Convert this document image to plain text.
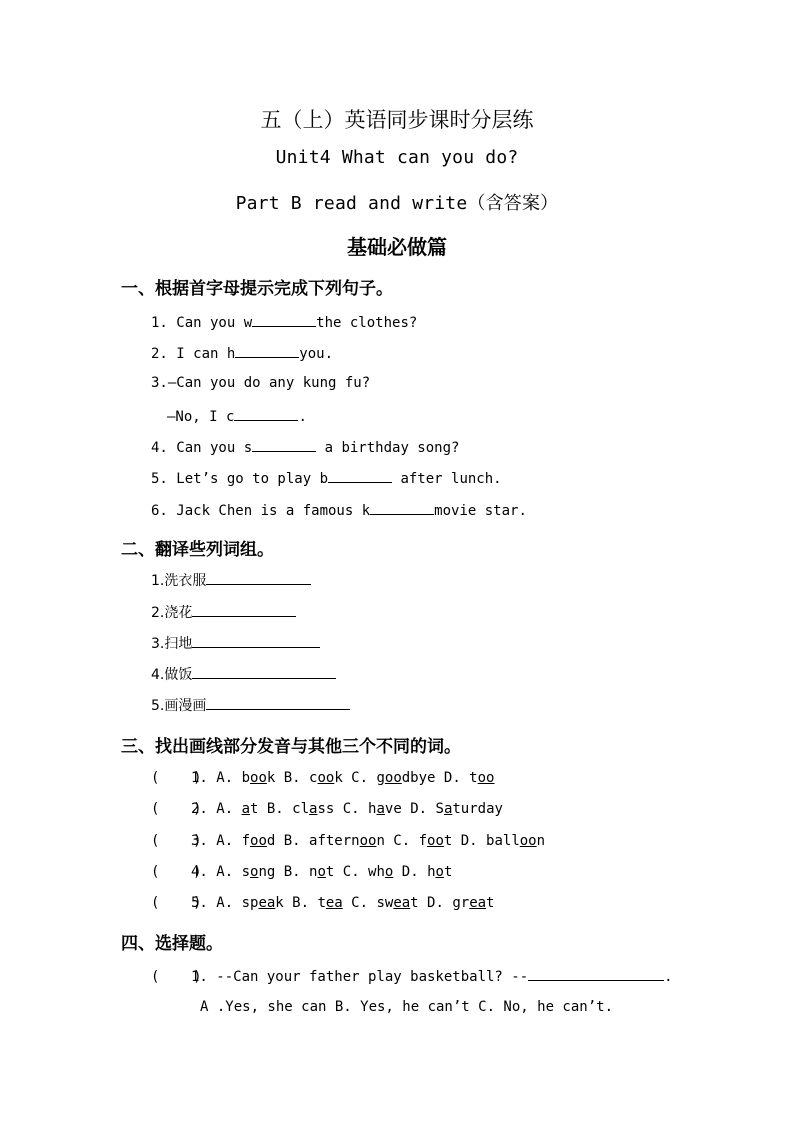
五（上）英语同步课时分层练
Unit4 What can you do?
Part B read and write（含答案）
基础必做篇
一、根据首字母提示完成下列句子。
1. Can you w	the clothes?
2. I can h	you.
3.—Can you do any kung fu?
—No, I c	.
4. Can you s	a birthday song?
5. Let’s go to play b	after lunch.
6. Jack Chen is a famous k	movie star.
二、翻译些列词组。
1.洗衣服
2.浇花
3.扫地
4.做饭
5.画漫画
三、找出画线部分发音与其他三个不同的词。
(    )1. A. book B. cook C. goodbye D. too
(    )2. A. at B. class C. have D. Saturday
(    )3. A. food B. afternoon C. foot D. balloon
(    )4. A. song B. not C. who D. hot
(    )5. A. speak B. tea C. sweat D. great
四、选择题。
(    )1. --Can your father play basketball? --	.
A .Yes, she can B. Yes, he can’t C. No, he can’t.
